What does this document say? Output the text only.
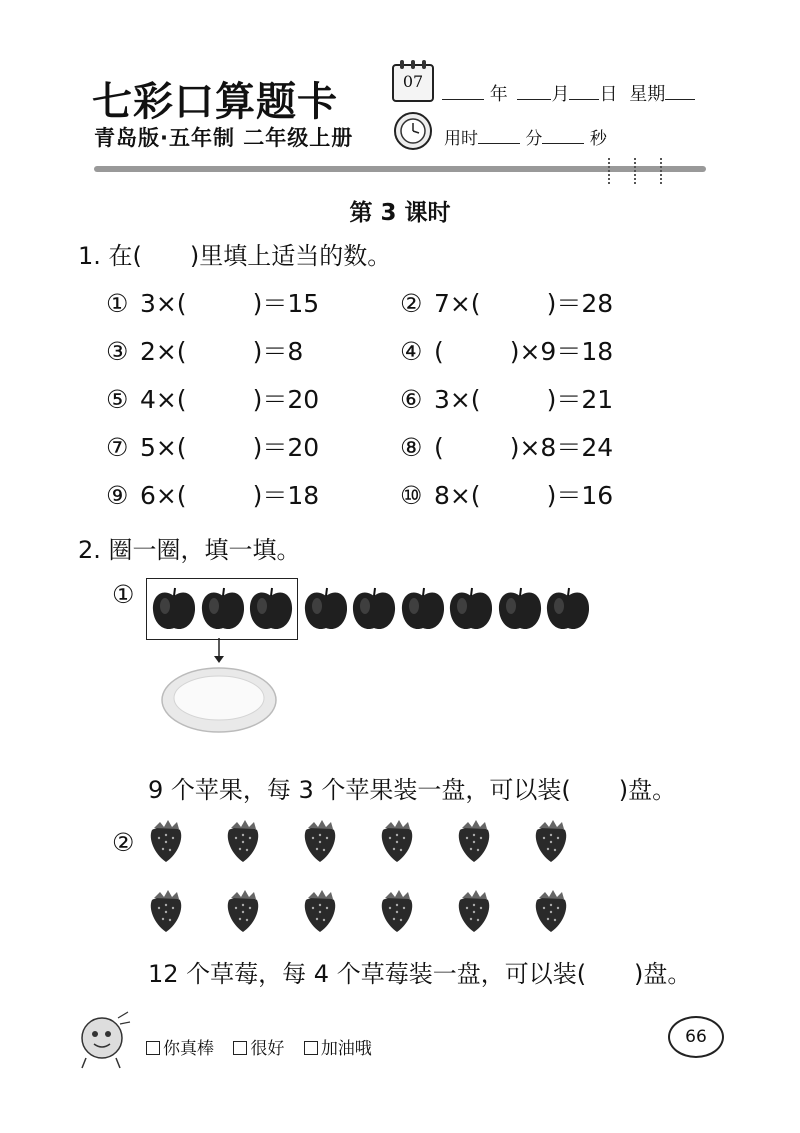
七彩口算题卡
青岛版·五年制 二年级上册
07
年 月 日 星期
用时	分	秒
第 3 课时
1. 在(　　)里填上适当的数。
① 3×(	)＝15	② 7×(	)＝28
③ 2×(	)＝8	④ (	)×9＝18
⑤ 4×(	)＝20	⑥ 3×(	)＝21
⑦ 5×(	)＝20	⑧ (	)×8＝24
⑨ 6×(	)＝18	⑩ 8×(	)＝16
2. 圈一圈，填一填。
①
9 个苹果，每 3 个苹果装一盘，可以装(　　)盘。
②
12 个草莓，每 4 个草莓装一盘，可以装(　　)盘。
你真棒 很好 加油哦
66
